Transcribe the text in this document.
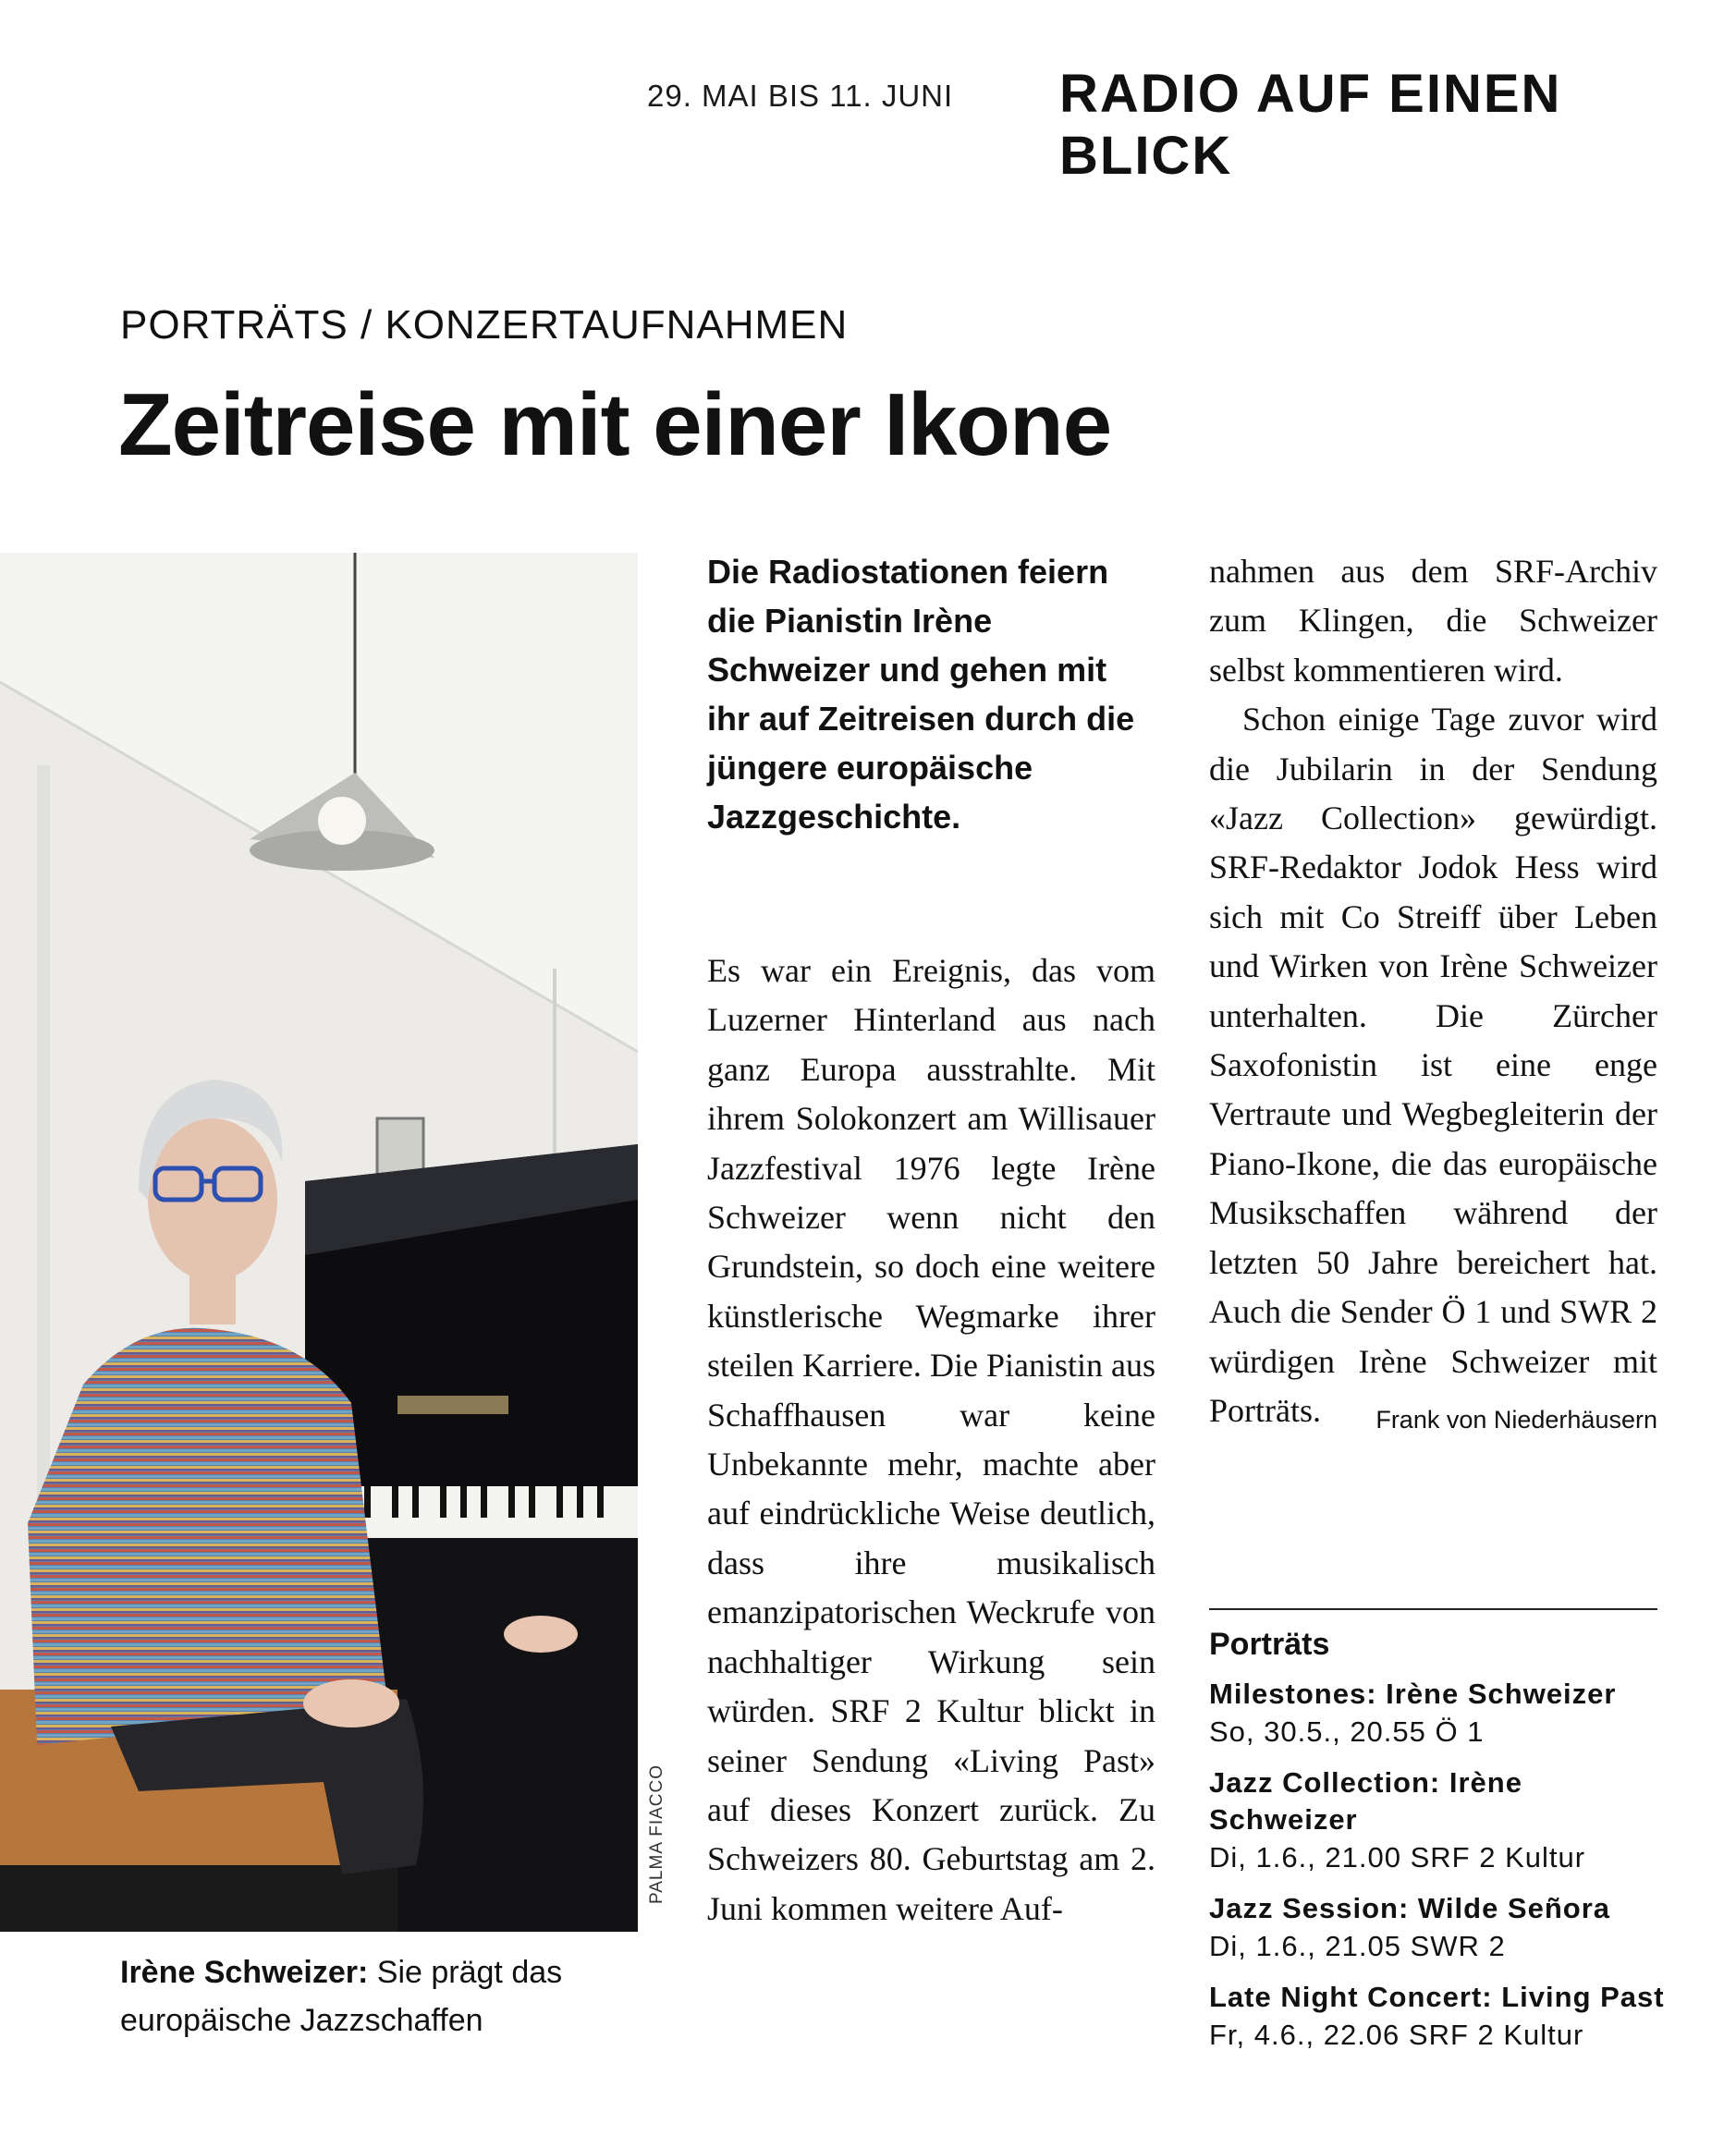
29. MAI BIS 11. JUNI RADIO AUF EINEN BLICK
PORTRÄTS / KONZERTAUFNAHMEN
Zeitreise mit einer Ikone
PALMA FIACCO
Irène Schweizer: Sie prägt das europäische Jazzschaffen
Die Radiostationen feiern die Pianistin Irène Schweizer und gehen mit ihr auf Zeitreisen durch die jüngere europäische Jazzgeschichte.

Es war ein Ereignis, das vom Luzerner Hinterland aus nach ganz Europa ausstrahlte. Mit ihrem Solokonzert am Willisauer Jazzfestival 1976 legte Irène Schweizer wenn nicht den Grundstein, so doch eine weitere künstlerische Wegmarke ihrer steilen Karriere. Die Pianistin aus Schaffhausen war keine Unbekannte mehr, machte aber auf eindrückliche Weise deutlich, dass ihre musikalisch emanzipatorischen Weckrufe von nachhaltiger Wirkung sein würden. SRF 2 Kultur blickt in seiner Sendung «Living Past» auf dieses Konzert zurück. Zu Schweizers 80. Geburtstag am 2. Juni kommen weitere Auf-

nahmen aus dem SRF-Archiv zum Klingen, die Schweizer selbst kommentieren wird.

Schon einige Tage zuvor wird die Jubilarin in der Sendung «Jazz Collection» gewürdigt. SRF-Redaktor Jodok Hess wird sich mit Co Streiff über Leben und Wirken von Irène Schweizer unterhalten. Die Zürcher Saxofonistin ist eine enge Vertraute und Wegbegleiterin der Piano-Ikone, die das europäische Musikschaffen während der letzten 50 Jahre bereichert hat. Auch die Sender Ö 1 und SWR 2 würdigen Irène Schweizer mit Porträts.	Frank von Niederhäusern

Porträts
Milestones: Irène Schweizer
So, 30.5., 20.55 Ö 1
Jazz Collection: Irène Schweizer
Di, 1.6., 21.00 SRF 2 Kultur
Jazz Session: Wilde Señora
Di, 1.6., 21.05 SWR 2
Late Night Concert: Living Past
Fr, 4.6., 22.06 SRF 2 Kultur
